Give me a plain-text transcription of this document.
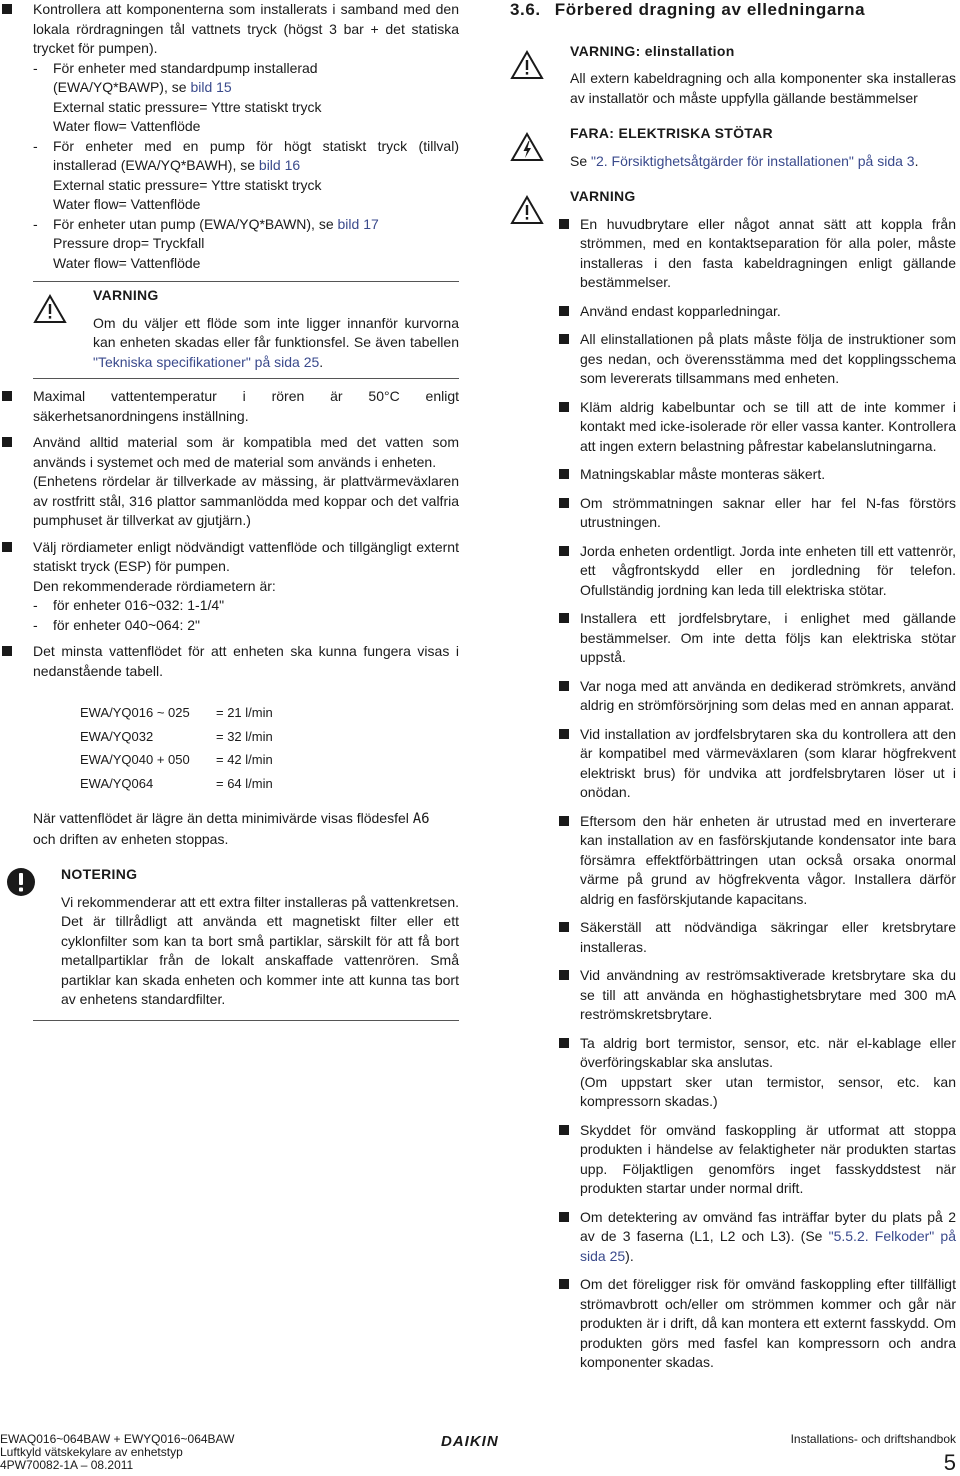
Kontrollera att komponenterna som installerats i samband med den lokala rördragningen tål vattnets tryck (högst 3 bar + det statiska trycket för pumpen).

- För enheter med standardpump installerad
(EWA/YQ*BAWP), se bild 15
External static pressure= Yttre statiskt tryck
Water flow= Vattenflöde
- För enheter med en pump för högt statiskt tryck (tillval) installerad (EWA/YQ*BAWH), se bild 16
External static pressure= Yttre statiskt tryck
Water flow= Vattenflöde
- För enheter utan pump (EWA/YQ*BAWN), se bild 17
Pressure drop= Tryckfall
Water flow= Vattenflöde

VARNING

Om du väljer ett flöde som inte ligger innanför kurvorna kan enheten skadas eller får funktionsfel. Se även tabellen "Tekniska specifikationer" på sida 25.

Maximal vattentemperatur i rören är 50°C enligt säkerhetsanordningens inställning.

Använd alltid material som är kompatibla med det vatten som används i systemet och med de material som används i enheten.

(Enhetens rördelar är tillverkade av mässing, är plattvärmeväxlaren av rostfritt stål, 316 plattor sammanlödda med koppar och det valfria pumphuset är tillverkat av gjutjärn.)

Välj rördiameter enligt nödvändigt vattenflöde och tillgängligt externt statiskt tryck (ESP) för pumpen.

Den rekommenderade rördiametern är:

- för enheter 016~032: 1-1/4"
- för enheter 040~064: 2"

Det minsta vattenflödet för att enheten ska kunna fungera visas i nedanstående tabell.

EWA/YQ016 ~ 025	= 21 l/min
EWA/YQ032	= 32 l/min
EWA/YQ040 + 050	= 42 l/min
EWA/YQ064	= 64 l/min

När vattenflödet är lägre än detta minimivärde visas flödesfel A6
och driften av enheten stoppas.

NOTERING

Vi rekommenderar att ett extra filter installeras på vattenkretsen. Det är tillrådligt att använda ett magnetiskt filter eller ett cyklonfilter som kan ta bort små partiklar, särskilt för att få bort metallpartiklar från de lokalt anskaffade vattenrören. Små partiklar kan skada enheten och kommer inte att kunna tas bort av enhetens standardfilter.

3.6. Förbered dragning av elledningarna

VARNING: elinstallation

All extern kabeldragning och alla komponenter ska installeras av installatör och måste uppfylla gällande bestämmelser

FARA: ELEKTRISKA STÖTAR

Se "2. Försiktighetsåtgärder för installationen" på sida 3.

VARNING

En huvudbrytare eller något annat sätt att koppla från strömmen, med en kontaktseparation för alla poler, måste installeras i den fasta kabeldragningen enligt gällande bestämmelser.

Använd endast kopparledningar.

All elinstallationen på plats måste följa de instruktioner som ges nedan, och överensstämma med det kopplingsschema som levererats tillsammans med enheten.

Kläm aldrig kabelbuntar och se till att de inte kommer i kontakt med icke-isolerade rör eller vassa kanter. Kontrollera att ingen extern belastning påfrestar kabelanslutningarna.

Matningskablar måste monteras säkert.

Om strömmatningen saknar eller har fel N-fas förstörs utrustningen.

Jorda enheten ordentligt. Jorda inte enheten till ett vattenrör, ett vågfrontskydd eller en jordledning för telefon. Ofullständig jordning kan leda till elektriska stötar.

Installera ett jordfelsbrytare, i enlighet med gällande bestämmelser. Om inte detta följs kan elektriska stötar uppstå.

Var noga med att använda en dedikerad strömkrets, använd aldrig en strömförsörjning som delas med en annan apparat.

Vid installation av jordfelsbrytaren ska du kontrollera att den är kompatibel med värmeväxlaren (som klarar högfrekvent elektriskt brus) för undvika att jordfelsbrytaren löser ut i onödan.

Eftersom den här enheten är utrustad med en inverterare kan installation av en fasförskjutande kondensator inte bara försämra effektförbättringen utan också orsaka onormal värme på grund av högfrekventa vågor. Installera därför aldrig en fasförskjutande kapacitans.

Säkerställ att nödvändiga säkringar eller kretsbrytare installeras.

Vid användning av reströmsaktiverade kretsbrytare ska du se till att använda en höghastighetsbrytare med 300 mA reströmskretsbrytare.

Ta aldrig bort termistor, sensor, etc. när el-kablage eller överföringskablar ska anslutas.
(Om uppstart sker utan termistor, sensor, etc. kan kompressorn skadas.)

Skyddet för omvänd faskoppling är utformat att stoppa produkten i händelse av felaktigheter när produkten startas upp. Följaktligen genomförs inget fasskyddstest när produkten startar under normal drift.

Om detektering av omvänd fas inträffar byter du plats på 2 av de 3 faserna (L1, L2 och L3). (Se "5.5.2. Felkoder" på sida 25).

Om det föreligger risk för omvänd faskoppling efter tillfälligt strömavbrott och/eller om strömmen kommer och går när produkten är i drift, då kan montera ett externt fasskydd. Om produkten görs med fasfel kan kompressorn och andra komponenter skadas.

EWAQ016~064BAW + EWYQ016~064BAW
Luftkyld vätskekylare av enhetstyp
4PW70082-1A – 08.2011
DAIKIN	Installations- och driftshandbok
5
